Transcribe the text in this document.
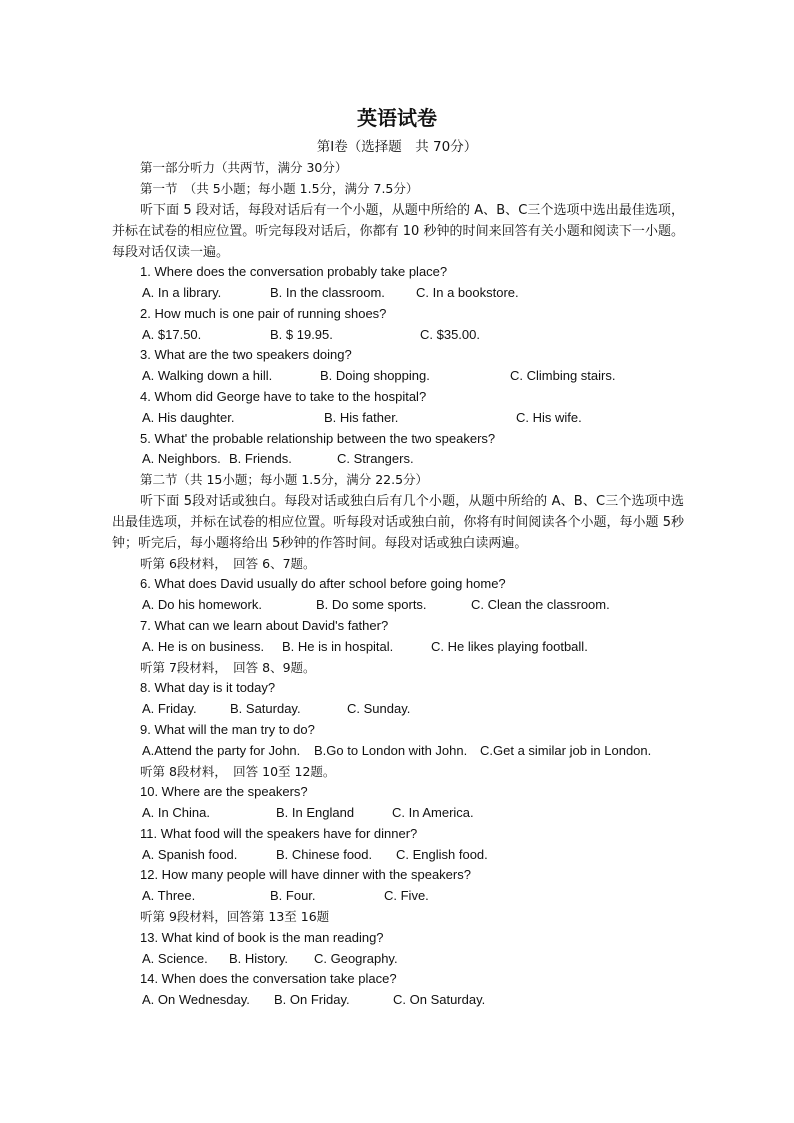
英语试卷
第Ⅰ卷（选择题　共 70分）
第一部分听力（共两节，满分 30分）
第一节　（共 5小题；每小题 1.5分，满分 7.5分）
听下面 5 段对话，每段对话后有一个小题，从题中所给的 A、B、C三个选项中选出最佳选项，并标在试卷的相应位置。听完每段对话后，你都有 10 秒钟的时间来回答有关小题和阅读下一小题。每段对话仅读一遍。
1. Where does the conversation probably take place?
A. In a library.	B. In the classroom. C. In a bookstore.
2. How much is one pair of running shoes?
A. $17.50.	B. $ 19.95.	C. $35.00.
3. What are the two speakers doing?
A. Walking down a hill.	B. Doing shopping.	C. Climbing stairs.
4. Whom did George have to take to the hospital?
A. His daughter.	B. His father.	C. His wife.
5. What' the probable relationship between the two speakers?
A. Neighbors. B. Friends.	C. Strangers.
第二节（共 15小题；每小题 1.5分，满分 22.5分）
听下面 5段对话或独白。每段对话或独白后有几个小题，从题中所给的 A、B、C三个选项中选出最佳选项，并标在试卷的相应位置。听每段对话或独白前，你将有时间阅读各个小题，每小题 5秒钟；听完后，每小题将给出 5秒钟的作答时间。每段对话或独白读两遍。
听第 6段材料，　回答 6、7题。
6. What does David usually do after school before going home?
A. Do his homework.	B. Do some sports.	C. Clean the classroom.
7. What can we learn about David's father?
A. He is on business. B. He is in hospital.	C. He likes playing football.
听第 7段材料，　回答 8、9题。
8. What day is it today?
A. Friday.	B. Saturday.	C. Sunday.
9. What will the man try to do?
A.Attend the party for John. B.Go to London with John. C.Get a similar job in London.
听第 8段材料，　回答 10至 12题。
10. Where are the speakers?
A. In China.	B. In England	C. In America.
11. What food will the speakers have for dinner?
A. Spanish food.	B. Chinese food. C. English food.
12. How many people will have dinner with the speakers?
A. Three.	B. Four.	C. Five.
听第 9段材料，回答第 13至 16题
13. What kind of book is the man reading?
A. Science. B. History. C. Geography.
14. When does the conversation take place?
A. On Wednesday. B. On Friday.	C. On Saturday.
